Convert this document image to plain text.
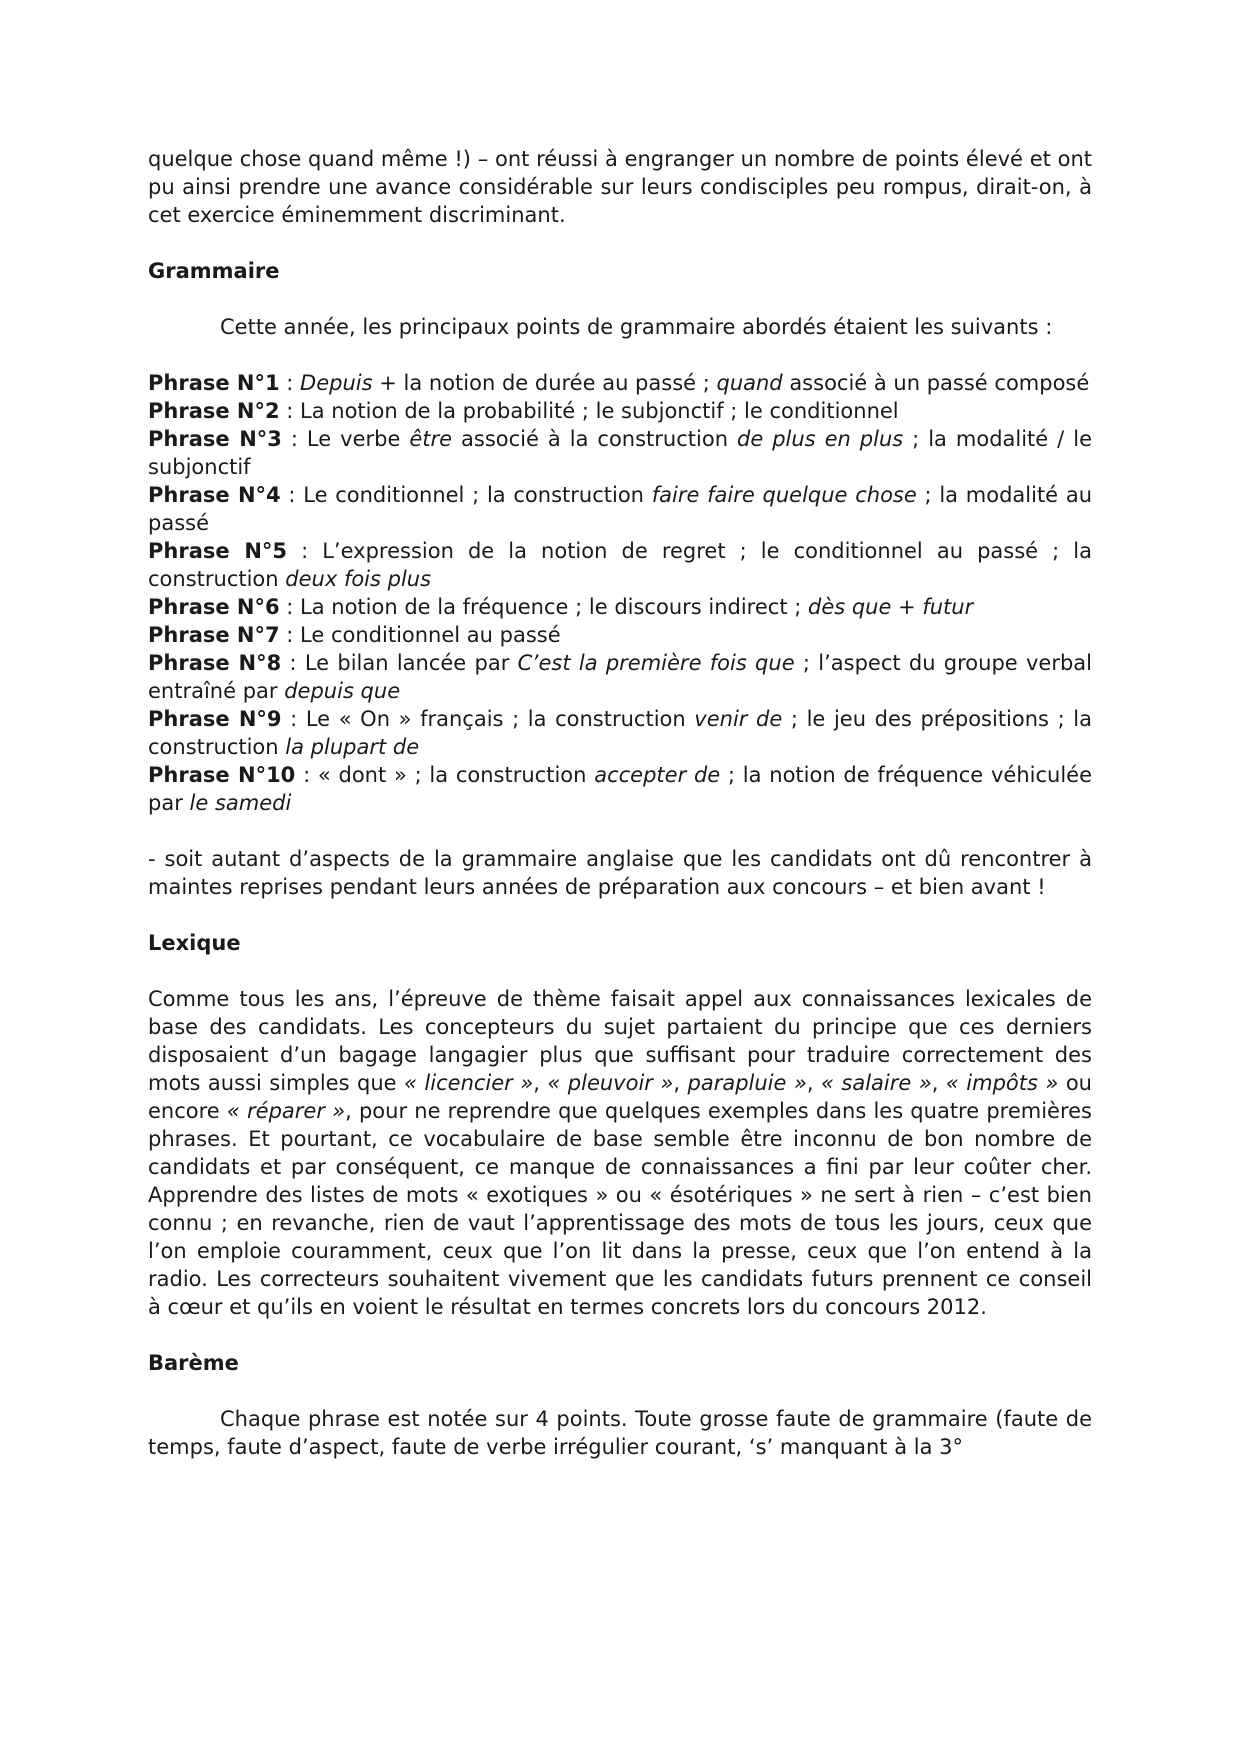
quelque chose quand même !) – ont réussi à engranger un nombre de points élevé et ont pu ainsi prendre une avance considérable sur leurs condisciples peu rompus, dirait-on, à cet exercice éminemment discriminant.

Grammaire

Cette année, les principaux points de grammaire abordés étaient les suivants :

Phrase N°1 : Depuis + la notion de durée au passé ; quand associé à un passé composé

Phrase N°2 : La notion de la probabilité ; le subjonctif ; le conditionnel

Phrase N°3 : Le verbe être associé à la construction de plus en plus ; la modalité / le subjonctif

Phrase N°4 : Le conditionnel ; la construction faire faire quelque chose ; la modalité au passé

Phrase N°5 : L’expression de la notion de regret ; le conditionnel au passé ; la construction deux fois plus

Phrase N°6 : La notion de la fréquence ; le discours indirect ; dès que + futur

Phrase N°7 : Le conditionnel au passé

Phrase N°8 : Le bilan lancée par C’est la première fois que ; l’aspect du groupe verbal entraîné par depuis que

Phrase N°9 : Le « On » français ; la construction venir de ; le jeu des prépositions ; la construction la plupart de

Phrase N°10 : « dont » ; la construction accepter de ; la notion de fréquence véhiculée par le samedi

- soit autant d’aspects de la grammaire anglaise que les candidats ont dû rencontrer à maintes reprises pendant leurs années de préparation aux concours – et bien avant !

Lexique

Comme tous les ans, l’épreuve de thème faisait appel aux connaissances lexicales de base des candidats. Les concepteurs du sujet partaient du principe que ces derniers disposaient d’un bagage langagier plus que suffisant pour traduire correctement des mots aussi simples que « licencier », « pleuvoir », parapluie », « salaire », « impôts » ou encore « réparer », pour ne reprendre que quelques exemples dans les quatre premières phrases. Et pourtant, ce vocabulaire de base semble être inconnu de bon nombre de candidats et par conséquent, ce manque de connaissances a fini par leur coûter cher. Apprendre des listes de mots « exotiques » ou « ésotériques » ne sert à rien – c’est bien connu ; en revanche, rien de vaut l’apprentissage des mots de tous les jours, ceux que l’on emploie couramment, ceux que l’on lit dans la presse, ceux que l’on entend à la radio. Les correcteurs souhaitent vivement que les candidats futurs prennent ce conseil à cœur et qu’ils en voient le résultat en termes concrets lors du concours 2012.

Barème

Chaque phrase est notée sur 4 points. Toute grosse faute de grammaire (faute de temps, faute d’aspect, faute de verbe irrégulier courant, ‘s’ manquant à la 3°
